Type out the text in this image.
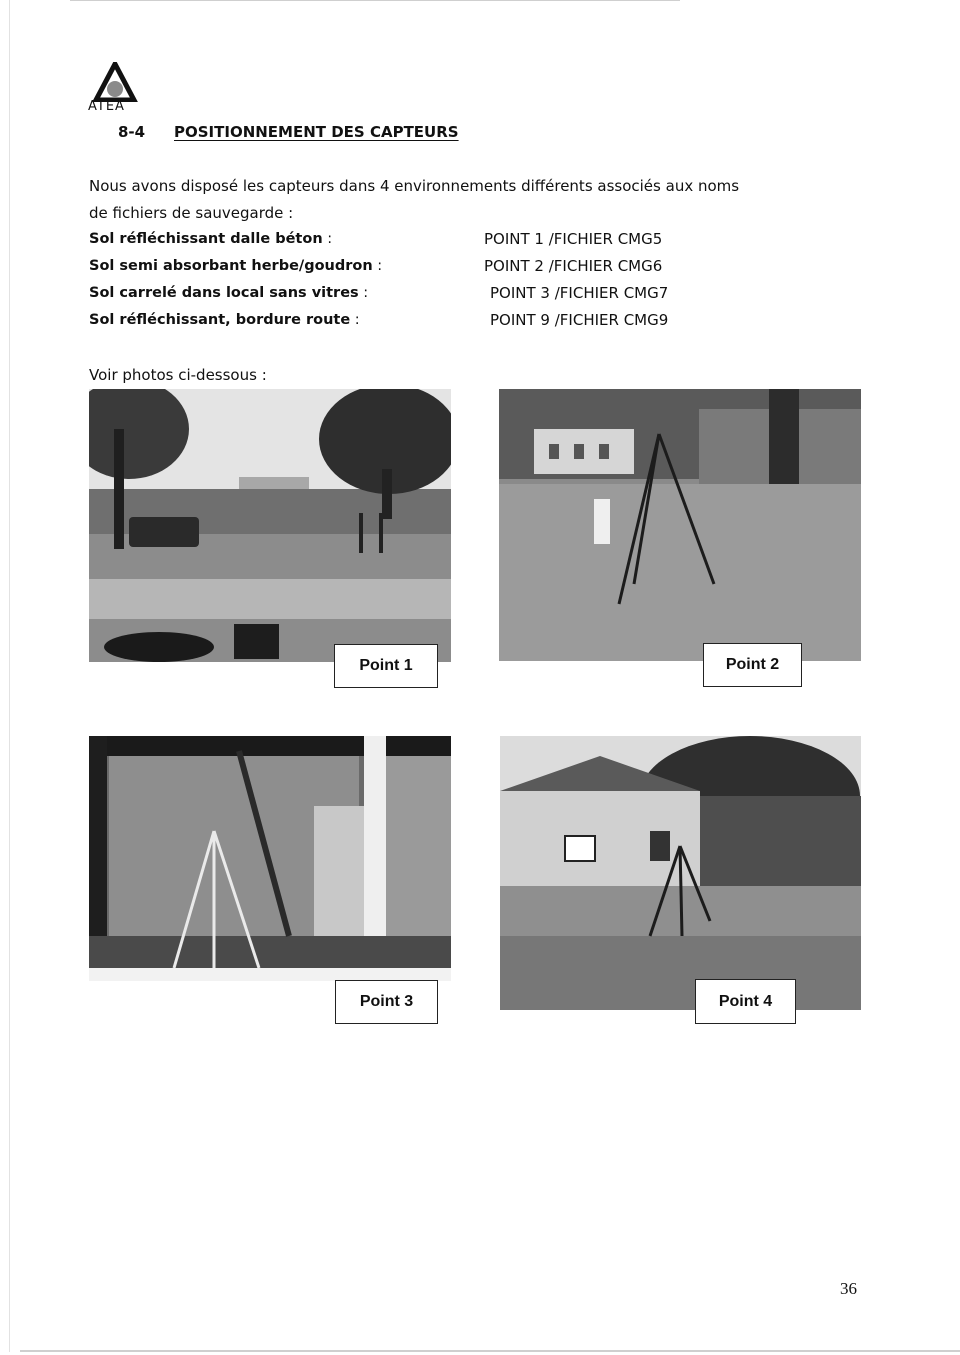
ATEA
8-4 POSITIONNEMENT DES CAPTEURS
Nous avons disposé les capteurs dans 4 environnements différents associés aux noms
de fichiers de sauvegarde :
Sol réfléchissant dalle béton :	POINT 1 /FICHIER CMG5
Sol semi absorbant herbe/goudron :	POINT 2 /FICHIER CMG6
Sol carrelé dans local sans vitres :	POINT 3 /FICHIER CMG7
Sol réfléchissant, bordure route :	POINT 9 /FICHIER CMG9
Voir photos ci-dessous :
Point 1	Point 2
Point 3	Point 4
36
